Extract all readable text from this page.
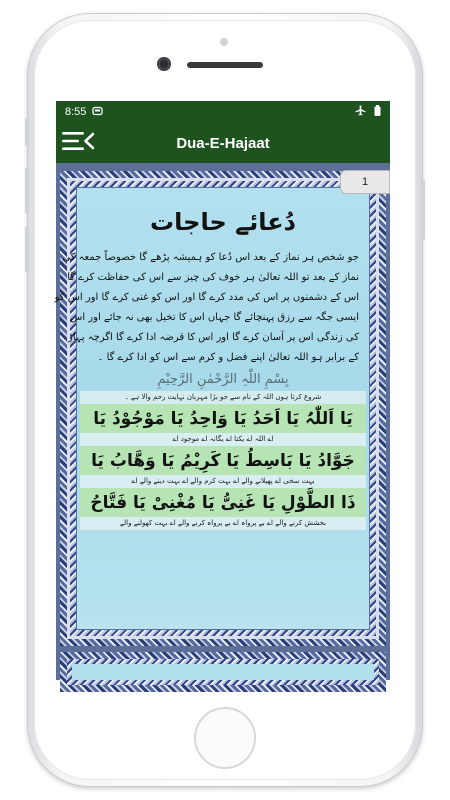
8:55
Dua-E-Hajaat
1
دُعائے حاجات
جو شخص ہر نماز کے بعد اس دُعا کو ہمیشہ پڑھے گا خصوصاً جمعہ کی
نماز کے بعد تو اللہ تعالیٰ ہر خوف کی چیز سے اس کی حفاظت کرے گا
اس کے دشمنوں پر اس کی مدد کرے گا اور اس کو غنی کرے گا اور اس کو
ایسی جگہ سے رزق پہنچائے گا جہاں اس کا تخیل بھی نہ جائے اور اس
کی زندگی اس پر آسان کرے گا اور اس کا قرضہ ادا کرے گا اگرچہ پہاڑ
کے برابر ہو اللہ تعالیٰ اپنے فضل و کرم سے اس کو ادا کرے گا ۔
بِسْمِ اللّٰہِ الرَّحْمٰنِ الرَّحِیْمِ
شروع کرتا ہوں اللہ کے نام سے جو بڑا مہربان نہایت رحم والا ہے ۔
یَا اَللّٰہُ یَا اَحَدُ یَا وَاحِدُ یَا مَوْجُوْدُ یَا
اے اللہ اے یکتا اے یگانہ اے موجود اے
جَوَّادُ یَا بَاسِطُ یَا کَرِیْمُ یَا وَھَّابُ یَا
بہت سخی اے پھیلانے والے اے بہت کرم والے اے بہت دینے والے اے
ذَا الطَّوْلِ یَا غَنِیُّ یَا مُغْنِیْ یَا فَتَّاحُ
بخشش کرنے والے اے بے پرواہ اے بے پرواہ کرنے والے اے بہت کھولنے والے
